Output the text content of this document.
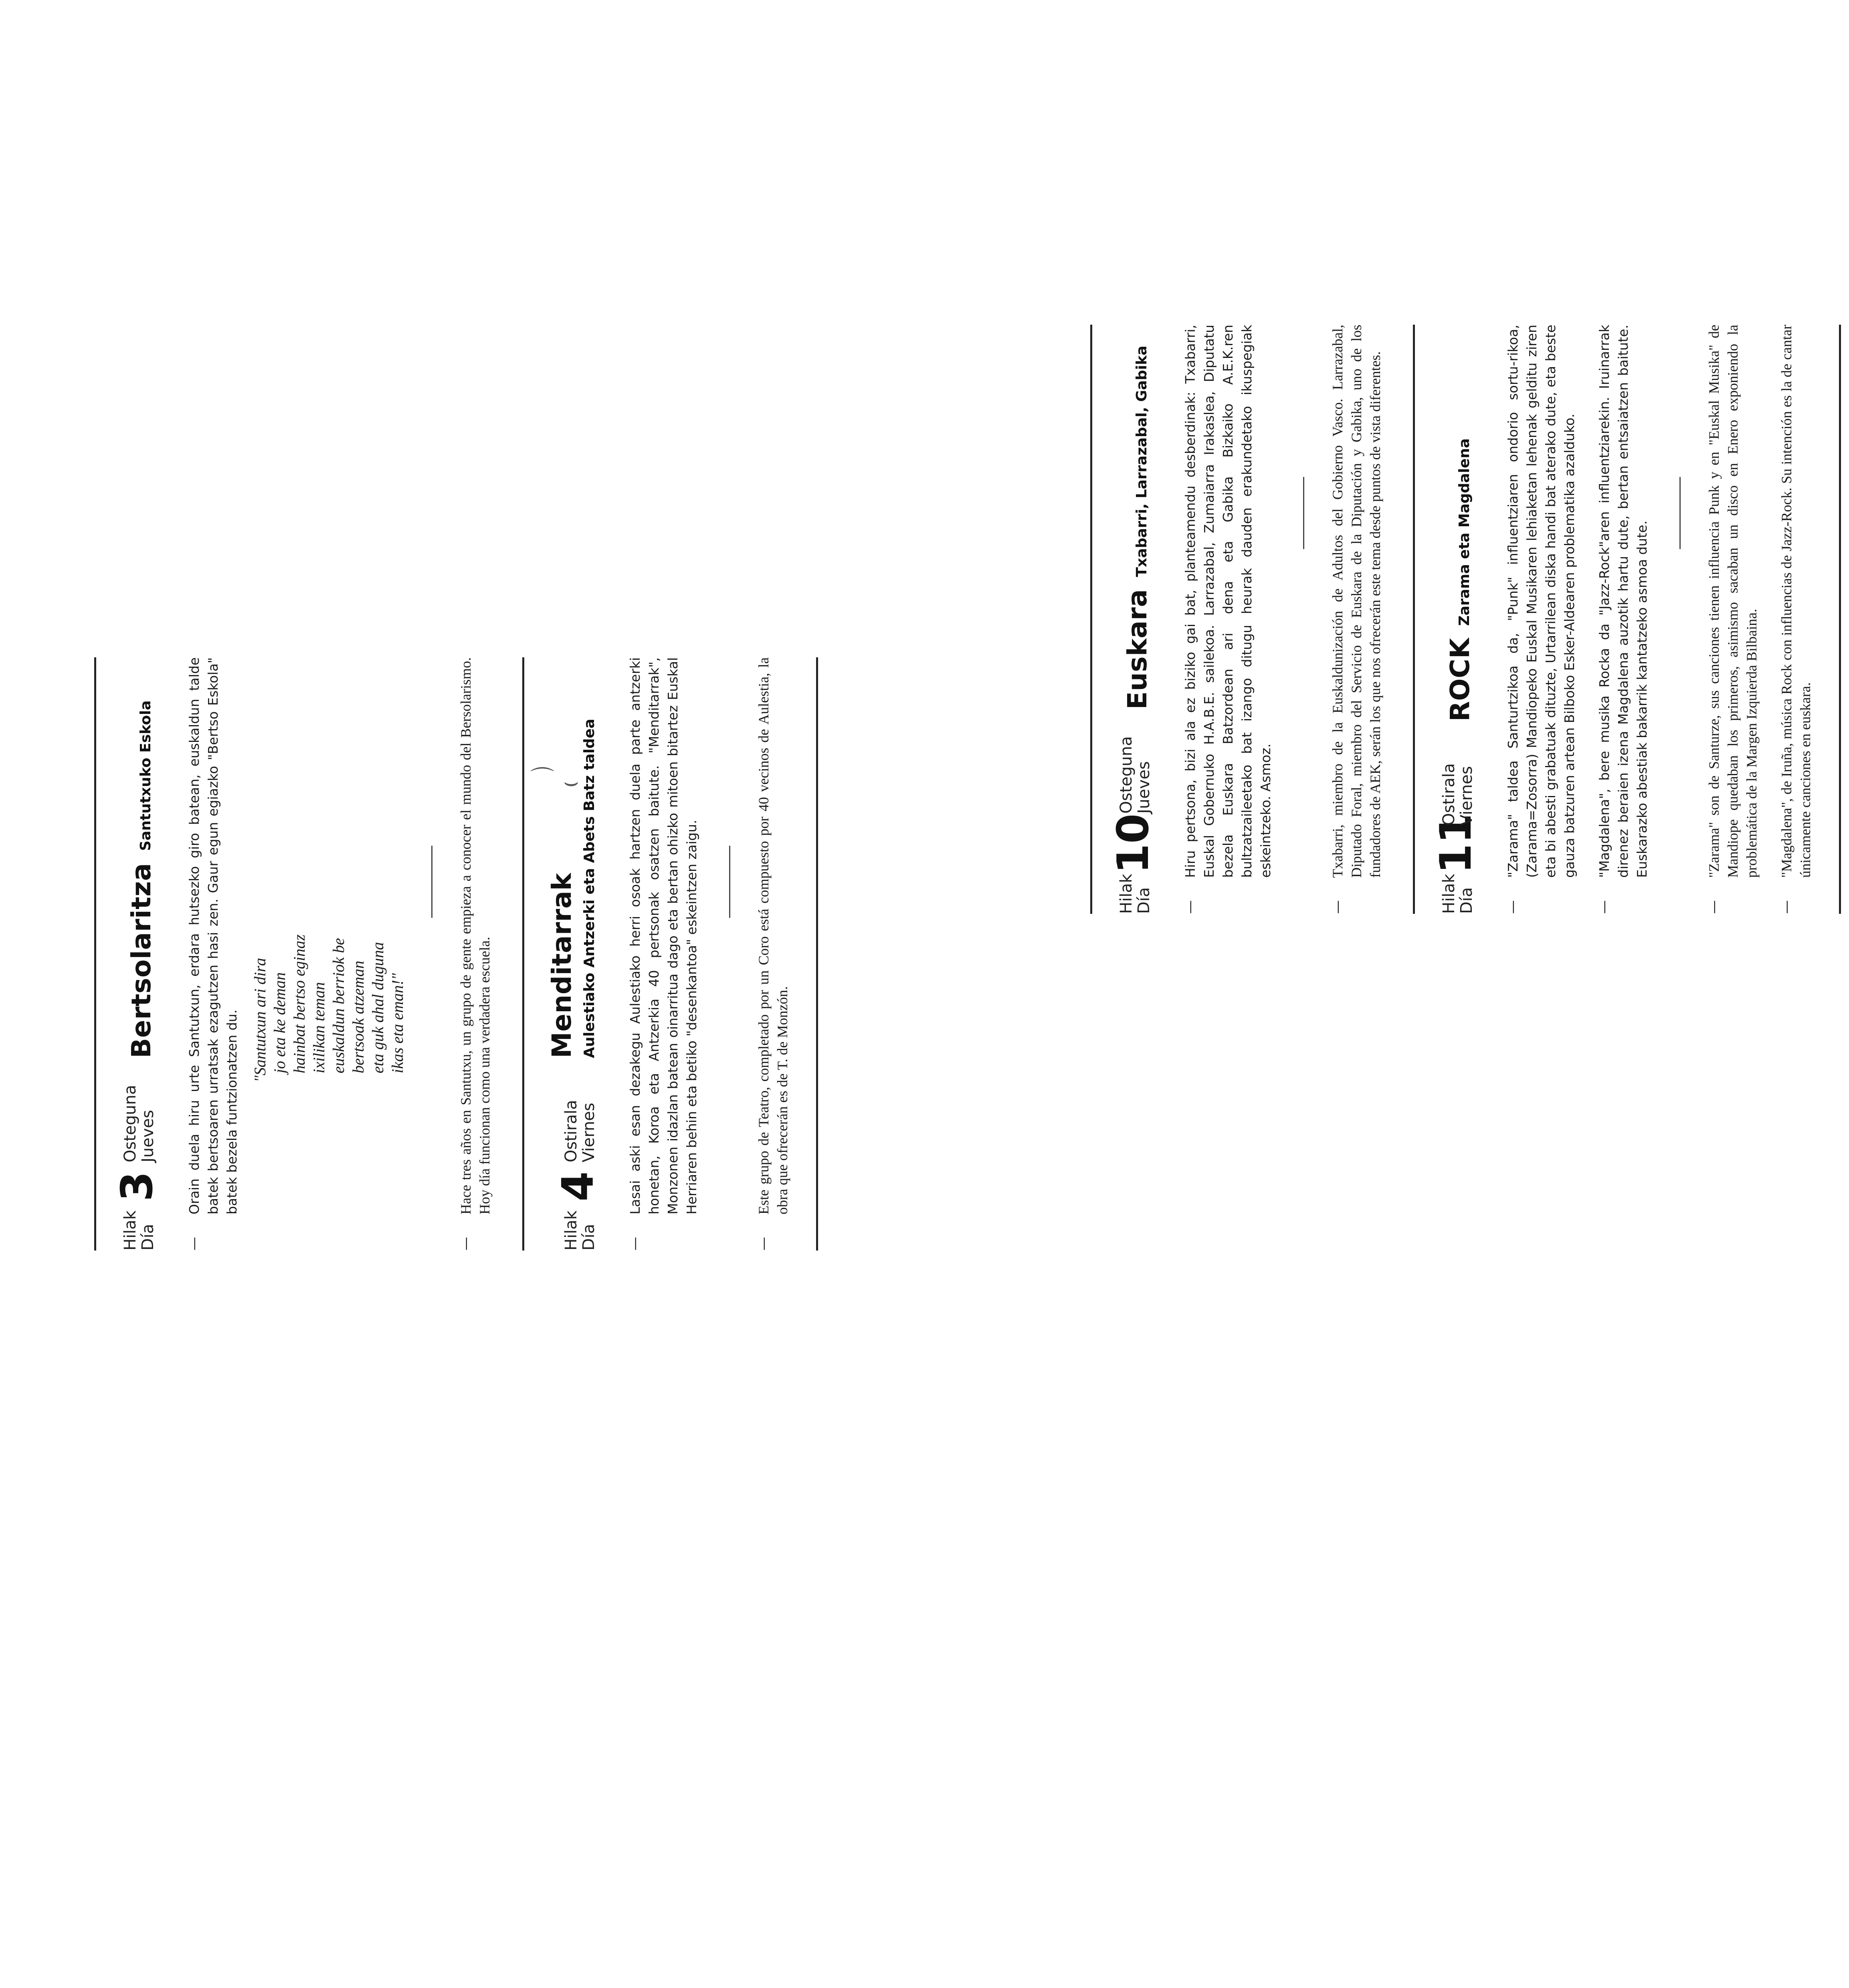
Hilak
Día
3
Osteguna
Jueves
Bertsolaritza
Santutxuko Eskola
—
Orain duela hiru urte Santutxun, erdara hutsezko giro batean, euskaldun talde batek bertsoaren urratsak ezagutzen hasi zen. Gaur egun egiazko "Bertso Eskola" batek bezela funtzionatzen du. "Santutxun ari dira jo eta ke deman hainbat bertso eginaz ixilikan teman euskaldun berriok be bertsoak atzeman eta guk ahal duguna ikas eta eman!"
—
Hace tres años en Santutxu, un grupo de gente empieza a conocer el mundo del Bersolarismo. Hoy día funcionan como una verdadera escuela.
Hilak
Día
4
Ostirala
Viernes
Menditarrak Aulestiako Antzerki eta Abets Batz taldea
—
Lasai aski esan dezakegu Aulestiako herri osoak hartzen duela parte antzerki honetan, Koroa eta Antzerkia 40 pertsonak osatzen baitute. "Menditarrak", Monzonen idazlan batean oinarritua dago eta bertan ohizko mitoen bitartez Euskal Herriaren behin eta betiko "desenkantoa" eskeintzen zaigu.
—
Este grupo de Teatro, completado por un Coro está compuesto por 40 vecinos de Aulestia, la obra que ofrecerán es de T. de Monzón.
Hilak
Día
10
Osteguna
Jueves
Euskara
Txabarri, Larrazabal, Gabika
—
Hiru pertsona, bizi ala ez biziko gai bat, planteamendu desberdinak: Txabarri, Euskal Gobernuko H.A.B.E. sailekoa. Larrazabal, Zumaiarra Irakaslea, Diputatu bezela Euskara Batzordean ari dena eta Gabika Bizkaiko A.E.K.ren bultzatzaileetako bat izango ditugu heurak dauden erakundetako ikuspegiak eskeintzeko. Asmoz.
—
Txabarri, miembro de la Euskaldunización de Adultos del Gobierno Vasco. Larrazabal, Diputado Foral, miembro del Servicio de Euskara de la Diputación y Gabika, uno de los fundadores de AEK, serán los que nos ofrecerán este tema desde puntos de vista diferentes.
Hilak
Día
11
Ostirala
Viernes
ROCK
Zarama eta Magdalena
—
"Zarama" taldea Santurtzikoa da, "Punk" influentziaren ondorio sortu-rikoa, (Zarama=Zosorra) Mandiopeko Euskal Musikaren lehiaketan lehenak gelditu ziren eta bi abesti grabatuak dituzte, Urtarrilean diska handi bat aterako dute, eta beste gauza batzuren artean Bilboko Esker-Aldearen problematika azalduko.
—
"Magdalena", bere musika Rocka da "Jazz-Rock"aren influentziarekin. Iruinarrak direnez beraien izena Magdalena auzotik hartu dute, bertan entsaiatzen baitute. Euskarazko abestiak bakarrik kantatzeko asmoa dute.
—
"Zarama" son de Santurze, sus canciones tienen influencia Punk y en "Euskal Musika" de Mandiope quedaban los primeros, asimismo sacaban un disco en Enero exponiendo la problemática de la Margen Izquierda Bilbaina.
—
"Magdalena", de Iruña, música Rock con influencias de Jazz-Rock. Su intención es la de cantar únicamente canciones en euskara.
⌒ ⌣
